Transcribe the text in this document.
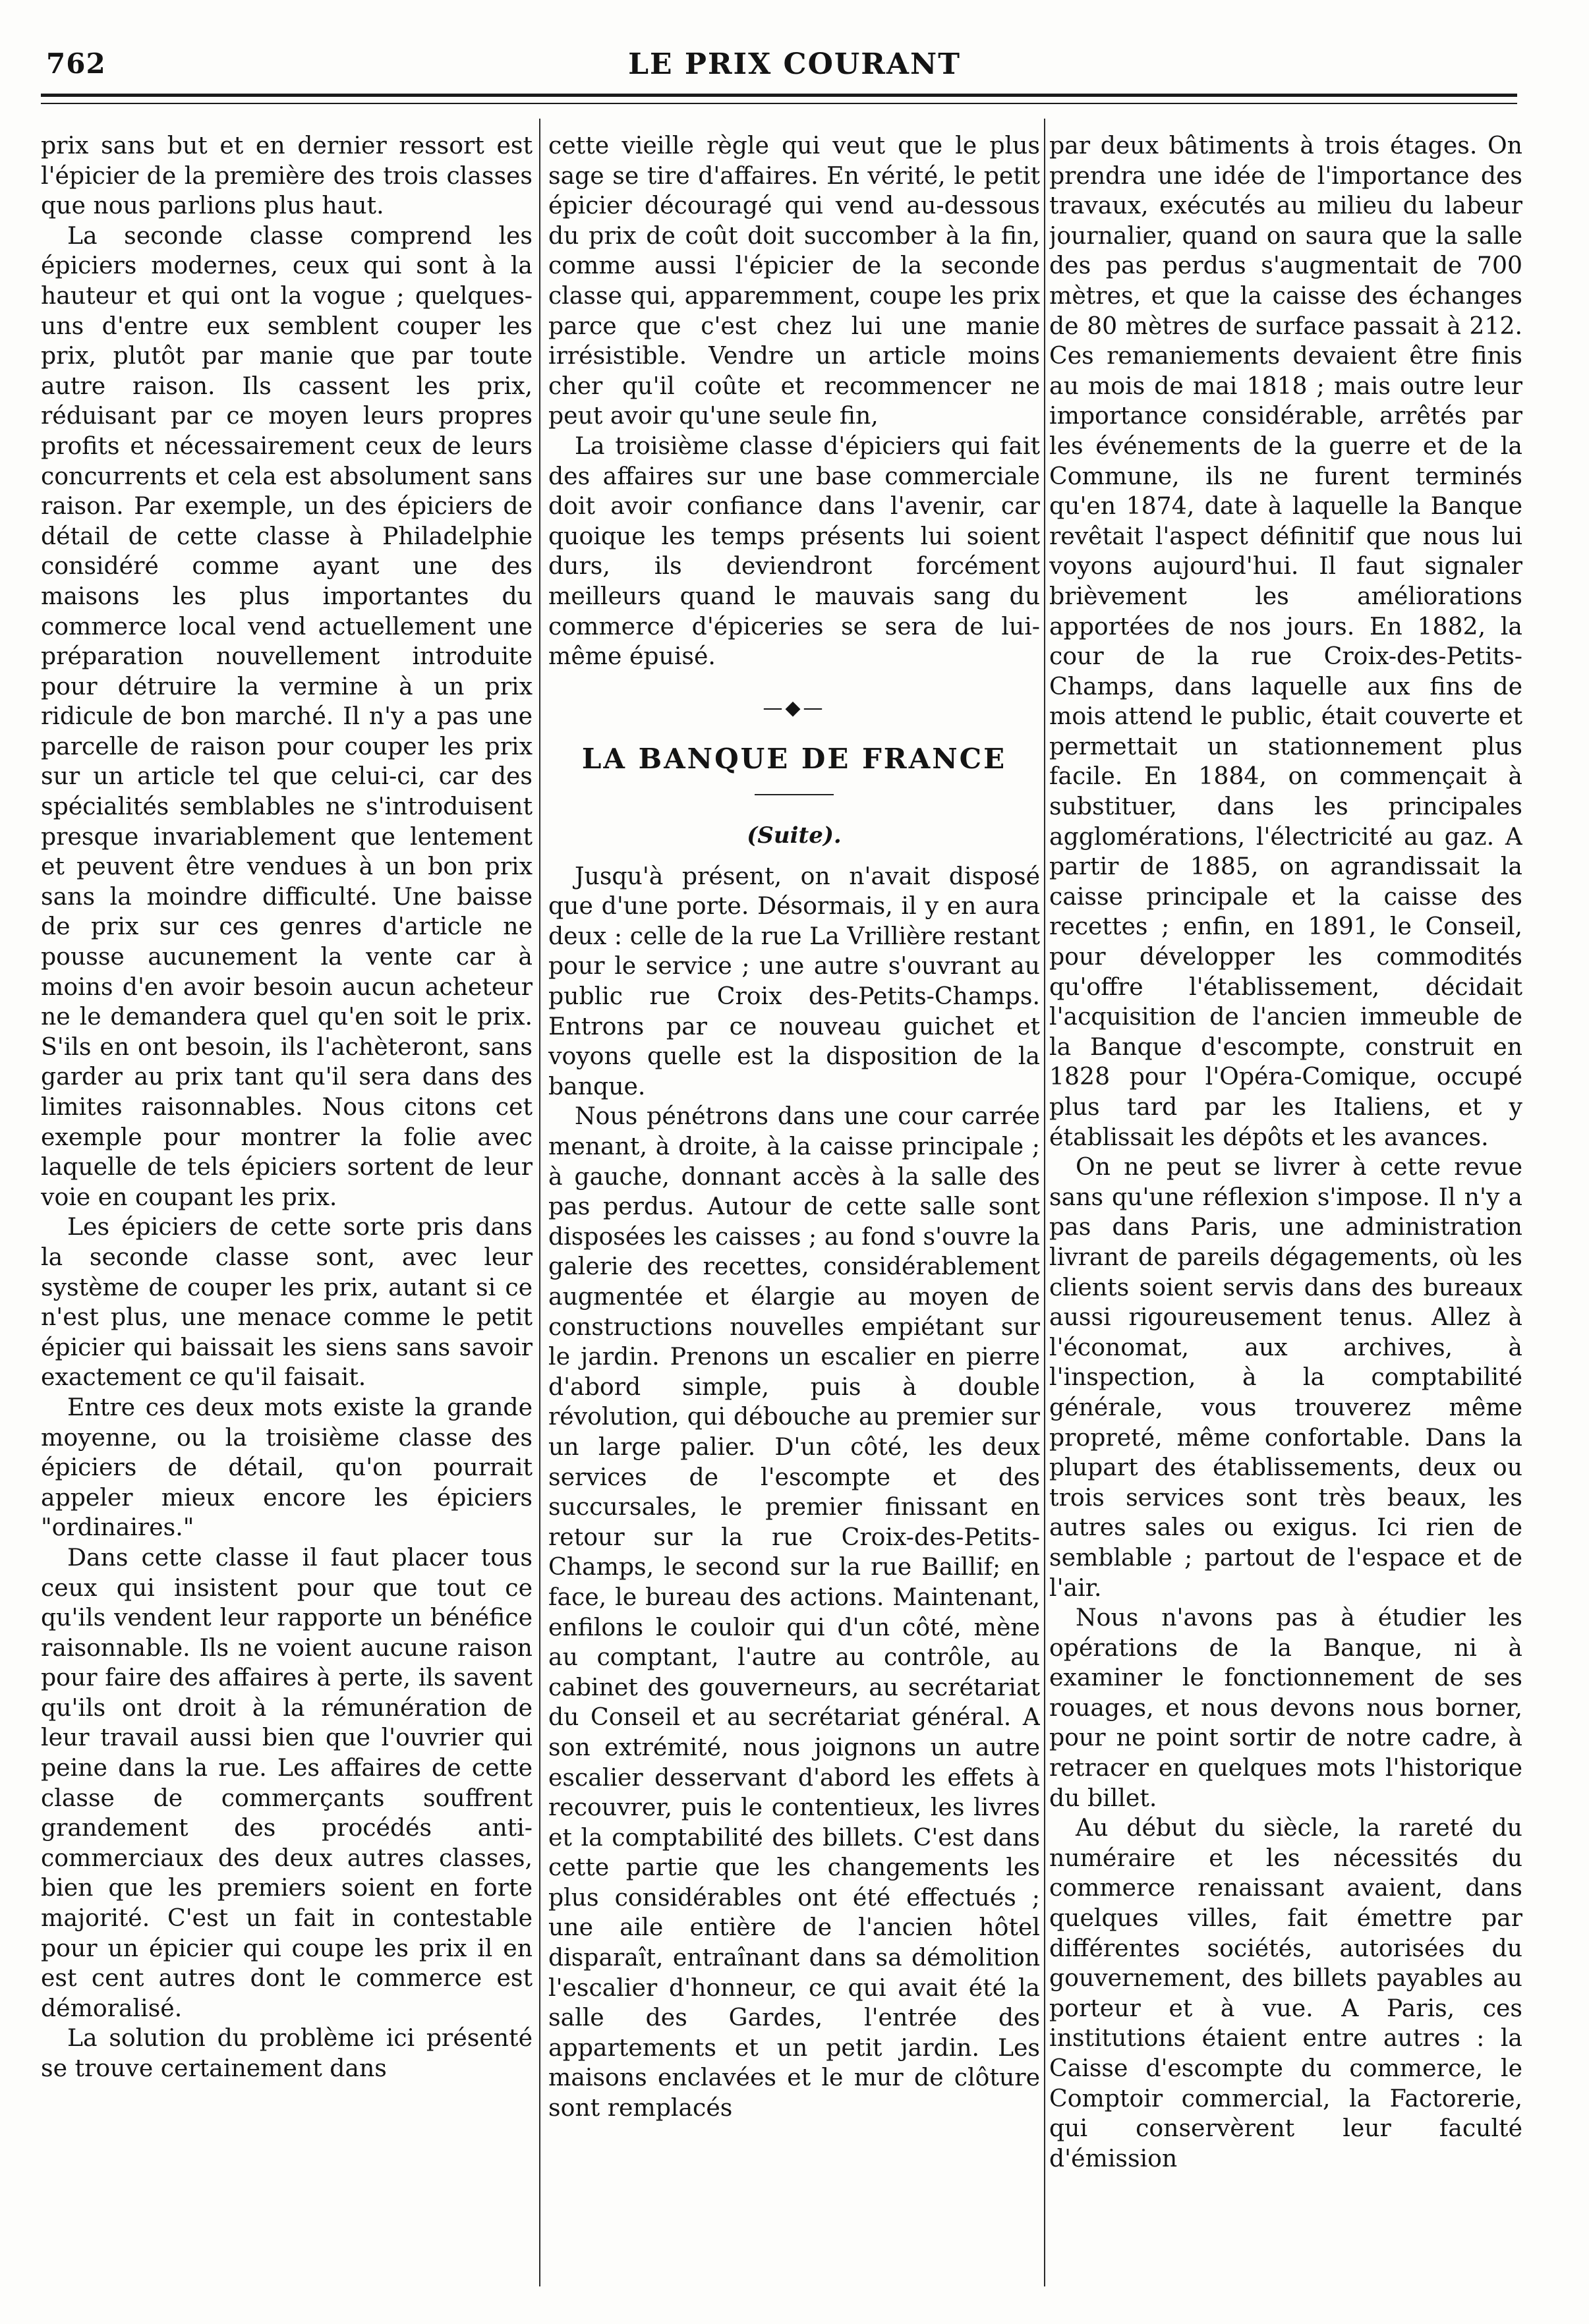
762	LE PRIX COURANT

prix sans but et en dernier ressort est l'épicier de la première des trois classes que nous parlions plus haut.

La seconde classe comprend les épiciers modernes, ceux qui sont à la hauteur et qui ont la vogue ; quelques-uns d'entre eux semblent couper les prix, plutôt par manie que par toute autre raison. Ils cassent les prix, réduisant par ce moyen leurs propres profits et nécessairement ceux de leurs concurrents et cela est absolument sans raison. Par exemple, un des épiciers de détail de cette classe à Philadelphie considéré comme ayant une des maisons les plus importantes du commerce local vend actuellement une préparation nouvellement introduite pour détruire la vermine à un prix ridicule de bon marché. Il n'y a pas une parcelle de raison pour couper les prix sur un article tel que celui-ci, car des spécialités semblables ne s'introduisent presque invariablement que lentement et peuvent être vendues à un bon prix sans la moindre difficulté. Une baisse de prix sur ces genres d'article ne pousse aucunement la vente car à moins d'en avoir besoin aucun acheteur ne le demandera quel qu'en soit le prix. S'ils en ont besoin, ils l'achèteront, sans garder au prix tant qu'il sera dans des limites raisonnables. Nous citons cet exemple pour montrer la folie avec laquelle de tels épiciers sortent de leur voie en coupant les prix.

Les épiciers de cette sorte pris dans la seconde classe sont, avec leur système de couper les prix, autant si ce n'est plus, une menace comme le petit épicier qui baissait les siens sans savoir exactement ce qu'il faisait.

Entre ces deux mots existe la grande moyenne, ou la troisième classe des épiciers de détail, qu'on pourrait appeler mieux encore les épiciers "ordinaires."

Dans cette classe il faut placer tous ceux qui insistent pour que tout ce qu'ils vendent leur rapporte un bénéfice raisonnable. Ils ne voient aucune raison pour faire des affaires à perte, ils savent qu'ils ont droit à la rémunération de leur travail aussi bien que l'ouvrier qui peine dans la rue. Les affaires de cette classe de commerçants souffrent grandement des procédés anti-commerciaux des deux autres classes, bien que les premiers soient en forte majorité. C'est un fait in contestable pour un épicier qui coupe les prix il en est cent autres dont le commerce est démoralisé.

La solution du problème ici présenté se trouve certainement dans

cette vieille règle qui veut que le plus sage se tire d'affaires. En vérité, le petit épicier découragé qui vend au-dessous du prix de coût doit succomber à la fin, comme aussi l'épicier de la seconde classe qui, apparemment, coupe les prix parce que c'est chez lui une manie irrésistible. Vendre un article moins cher qu'il coûte et recommencer ne peut avoir qu'une seule fin,

La troisième classe d'épiciers qui fait des affaires sur une base commerciale doit avoir confiance dans l'avenir, car quoique les temps présents lui soient durs, ils deviendront forcément meilleurs quand le mauvais sang du commerce d'épiceries se sera de lui-même épuisé.

—◆—
LA BANQUE DE FRANCE
(Suite).

Jusqu'à présent, on n'avait disposé que d'une porte. Désormais, il y en aura deux : celle de la rue La Vrillière restant pour le service ; une autre s'ouvrant au public rue Croix des-Petits-Champs. Entrons par ce nouveau guichet et voyons quelle est la disposition de la banque.

Nous pénétrons dans une cour carrée menant, à droite, à la caisse principale ; à gauche, donnant accès à la salle des pas perdus. Autour de cette salle sont disposées les caisses ; au fond s'ouvre la galerie des recettes, considérablement augmentée et élargie au moyen de constructions nouvelles empiétant sur le jardin. Prenons un escalier en pierre d'abord simple, puis à double révolution, qui débouche au premier sur un large palier. D'un côté, les deux services de l'escompte et des succursales, le premier finissant en retour sur la rue Croix-des-Petits-Champs, le second sur la rue Baillif; en face, le bureau des actions. Maintenant, enfilons le couloir qui d'un côté, mène au comptant, l'autre au contrôle, au cabinet des gouverneurs, au secrétariat du Conseil et au secrétariat général. A son extrémité, nous joignons un autre escalier desservant d'abord les effets à recouvrer, puis le contentieux, les livres et la comptabilité des billets. C'est dans cette partie que les changements les plus considérables ont été effectués ; une aile entière de l'ancien hôtel disparaît, entraînant dans sa démolition l'escalier d'honneur, ce qui avait été la salle des Gardes, l'entrée des appartements et un petit jardin. Les maisons enclavées et le mur de clôture sont remplacés

par deux bâtiments à trois étages. On prendra une idée de l'importance des travaux, exécutés au milieu du labeur journalier, quand on saura que la salle des pas perdus s'augmentait de 700 mètres, et que la caisse des échanges de 80 mètres de surface passait à 212. Ces remaniements devaient être finis au mois de mai 1818 ; mais outre leur importance considérable, arrêtés par les événements de la guerre et de la Commune, ils ne furent terminés qu'en 1874, date à laquelle la Banque revêtait l'aspect définitif que nous lui voyons aujourd'hui. Il faut signaler brièvement les améliorations apportées de nos jours. En 1882, la cour de la rue Croix-des-Petits-Champs, dans laquelle aux fins de mois attend le public, était couverte et permettait un stationnement plus facile. En 1884, on commençait à substituer, dans les principales agglomérations, l'électricité au gaz. A partir de 1885, on agrandissait la caisse principale et la caisse des recettes ; enfin, en 1891, le Conseil, pour développer les commodités qu'offre l'établissement, décidait l'acquisition de l'ancien immeuble de la Banque d'escompte, construit en 1828 pour l'Opéra-Comique, occupé plus tard par les Italiens, et y établissait les dépôts et les avances.

On ne peut se livrer à cette revue sans qu'une réflexion s'impose. Il n'y a pas dans Paris, une administration livrant de pareils dégagements, où les clients soient servis dans des bureaux aussi rigoureusement tenus. Allez à l'économat, aux archives, à l'inspection, à la comptabilité générale, vous trouverez même propreté, même confortable. Dans la plupart des établissements, deux ou trois services sont très beaux, les autres sales ou exigus. Ici rien de semblable ; partout de l'espace et de l'air.

Nous n'avons pas à étudier les opérations de la Banque, ni à examiner le fonctionnement de ses rouages, et nous devons nous borner, pour ne point sortir de notre cadre, à retracer en quelques mots l'historique du billet.

Au début du siècle, la rareté du numéraire et les nécessités du commerce renaissant avaient, dans quelques villes, fait émettre par différentes sociétés, autorisées du gouvernement, des billets payables au porteur et à vue. A Paris, ces institutions étaient entre autres : la Caisse d'escompte du commerce, le Comptoir commercial, la Factorerie, qui conservèrent leur faculté d'émission
